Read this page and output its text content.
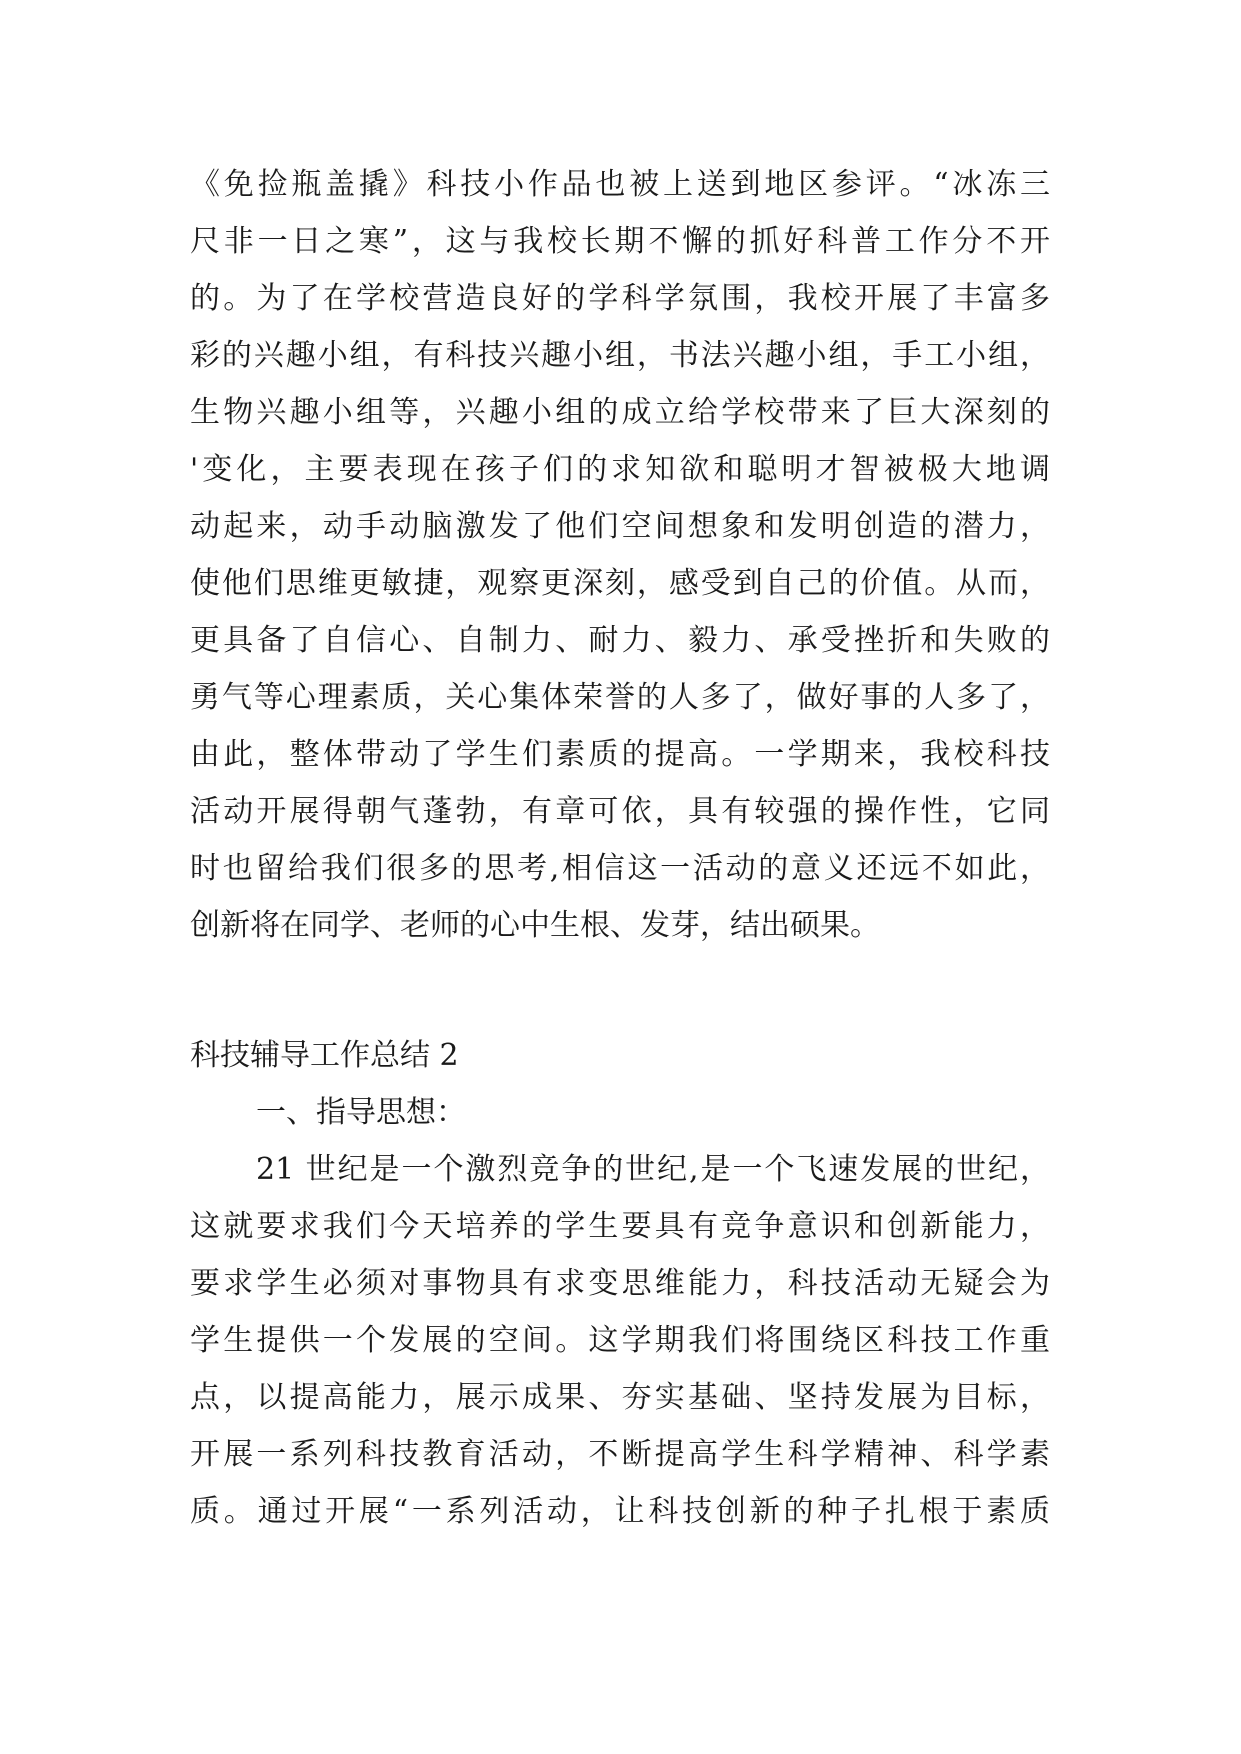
《免捡瓶盖撬》科技小作品也被上送到地区参评。“冰冻三
尺非一日之寒”，这与我校长期不懈的抓好科普工作分不开
的。为了在学校营造良好的学科学氛围，我校开展了丰富多
彩的兴趣小组，有科技兴趣小组，书法兴趣小组，手工小组，
生物兴趣小组等，兴趣小组的成立给学校带来了巨大深刻的
'变化，主要表现在孩子们的求知欲和聪明才智被极大地调
动起来，动手动脑激发了他们空间想象和发明创造的潜力，
使他们思维更敏捷，观察更深刻，感受到自己的价值。从而，
更具备了自信心、自制力、耐力、毅力、承受挫折和失败的
勇气等心理素质，关心集体荣誉的人多了，做好事的人多了，
由此，整体带动了学生们素质的提高。一学期来，我校科技
活动开展得朝气蓬勃，有章可依，具有较强的操作性，它同
时也留给我们很多的思考,相信这一活动的意义还远不如此，
创新将在同学、老师的心中生根、发芽，结出硕果。
科技辅导工作总结 2
一、指导思想：
21 世纪是一个激烈竞争的世纪,是一个飞速发展的世纪，
这就要求我们今天培养的学生要具有竞争意识和创新能力，
要求学生必须对事物具有求变思维能力，科技活动无疑会为
学生提供一个发展的空间。这学期我们将围绕区科技工作重
点，以提高能力，展示成果、夯实基础、坚持发展为目标，
开展一系列科技教育活动，不断提高学生科学精神、科学素
质。通过开展“一系列活动，让科技创新的种子扎根于素质
